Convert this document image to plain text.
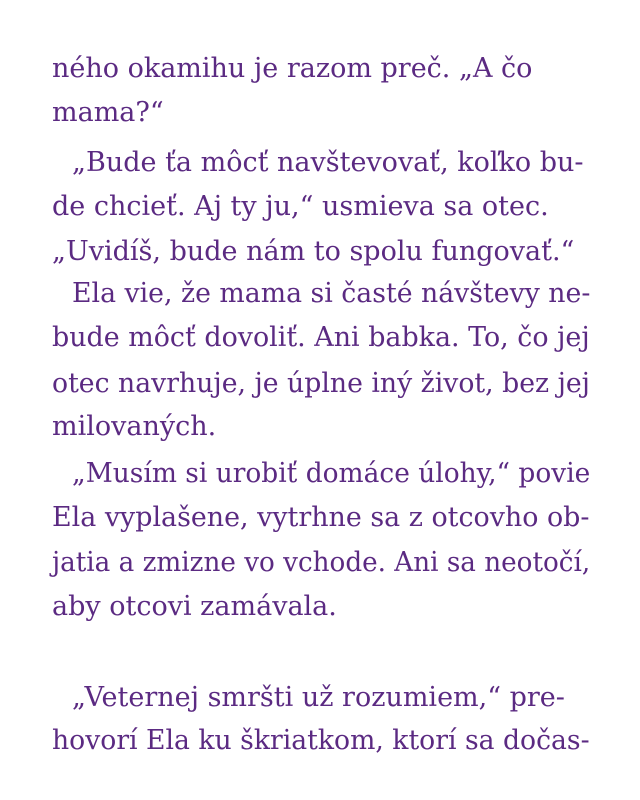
ného okamihu je razom preč. „A čo
mama?“
„Bude ťa môcť navštevovať, koľko bu-
de chcieť. Aj ty ju,“ usmieva sa otec.
„Uvidíš, bude nám to spolu fungovať.“
Ela vie, že mama si časté návštevy ne-
bude môcť dovoliť. Ani babka. To, čo jej
otec navrhuje, je úplne iný život, bez jej
milovaných.
„Musím si urobiť domáce úlohy,“ povie
Ela vyplašene, vytrhne sa z otcovho ob-
jatia a zmizne vo vchode. Ani sa neotočí,
aby otcovi zamávala.
„Veternej smršti už rozumiem,“ pre-
hovorí Ela ku škriatkom, ktorí sa dočas-
